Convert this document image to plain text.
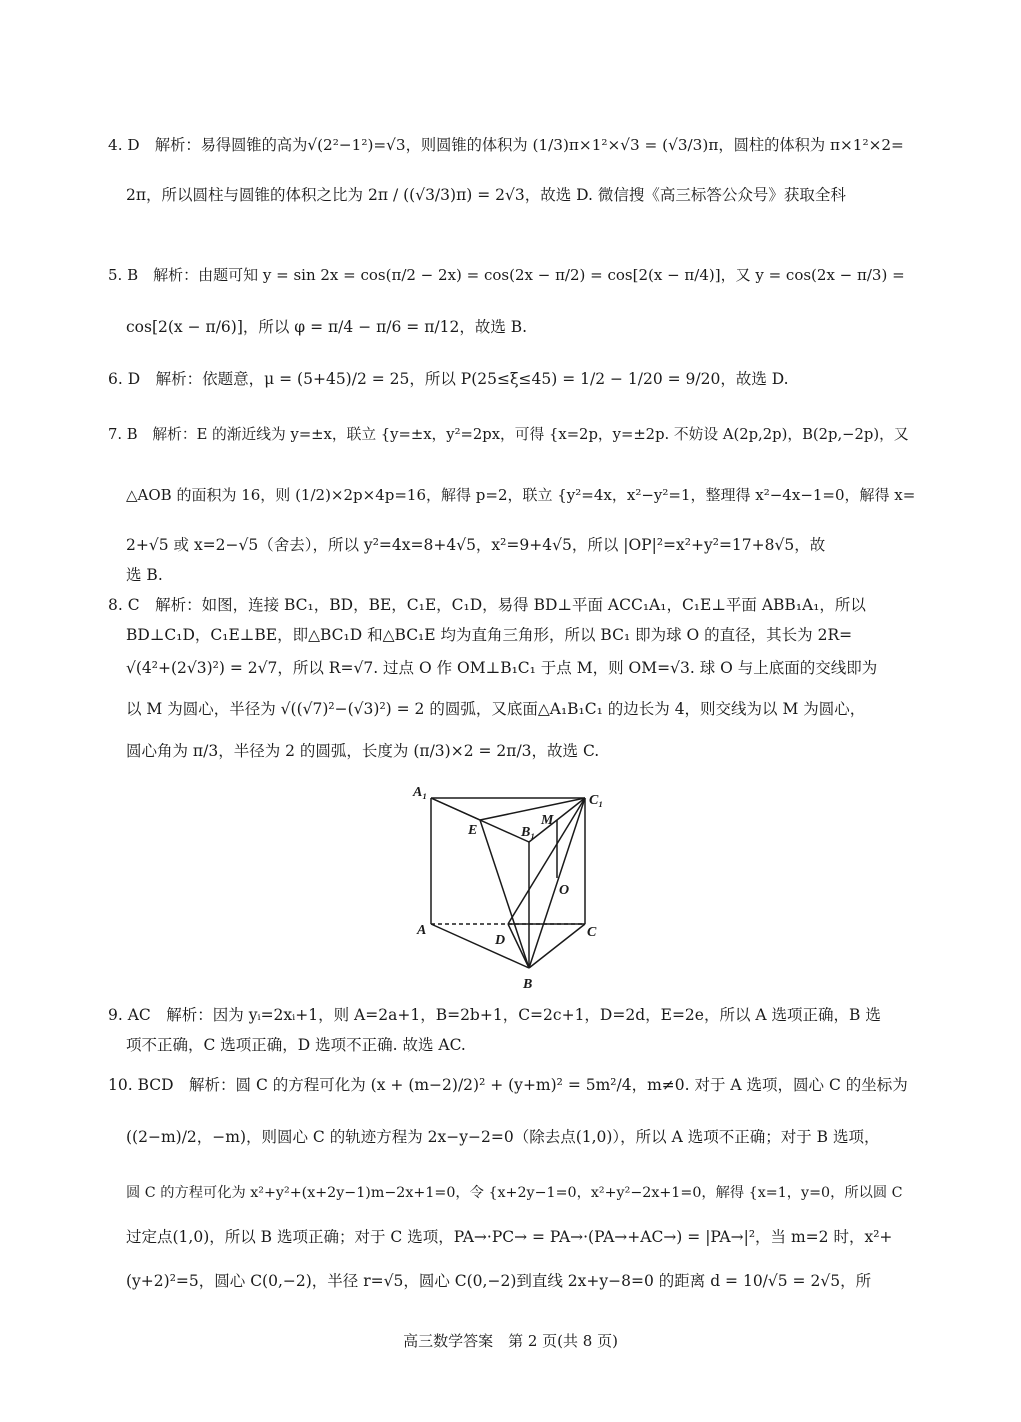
4. D　解析：易得圆锥的高为√(2²−1²)=√3，则圆锥的体积为 (1/3)π×1²×√3 = (√3/3)π，圆柱的体积为 π×1²×2=
2π，所以圆柱与圆锥的体积之比为 2π / ((√3/3)π) = 2√3，故选 D. 微信搜《高三标答公众号》获取全科
5. B　解析：由题可知 y = sin 2x = cos(π/2 − 2x) = cos(2x − π/2) = cos[2(x − π/4)]，又 y = cos(2x − π/3) =
cos[2(x − π/6)]，所以 φ = π/4 − π/6 = π/12，故选 B.
6. D　解析：依题意，μ = (5+45)/2 = 25，所以 P(25≤ξ≤45) = 1/2 − 1/20 = 9/20，故选 D.
7. B　解析：E 的渐近线为 y=±x，联立 {y=±x，y²=2px，可得 {x=2p，y=±2p. 不妨设 A(2p,2p)，B(2p,−2p)，又
△AOB 的面积为 16，则 (1/2)×2p×4p=16，解得 p=2，联立 {y²=4x，x²−y²=1，整理得 x²−4x−1=0，解得 x=
2+√5 或 x=2−√5（舍去），所以 y²=4x=8+4√5，x²=9+4√5，所以 |OP|²=x²+y²=17+8√5，故
选 B.
8. C　解析：如图，连接 BC₁，BD，BE，C₁E，C₁D，易得 BD⊥平面 ACC₁A₁，C₁E⊥平面 ABB₁A₁，所以
BD⊥C₁D，C₁E⊥BE，即△BC₁D 和△BC₁E 均为直角三角形，所以 BC₁ 即为球 O 的直径，其长为 2R=
√(4²+(2√3)²) = 2√7，所以 R=√7. 过点 O 作 OM⊥B₁C₁ 于点 M，则 OM=√3. 球 O 与上底面的交线即为
以 M 为圆心，半径为 √((√7)²−(√3)²) = 2 的圆弧，又底面△A₁B₁C₁ 的边长为 4，则交线为以 M 为圆心，
圆心角为 π/3，半径为 2 的圆弧，长度为 (π/3)×2 = 2π/3，故选 C.
A₁
C₁
E	B₁
M
O
A
D
C
B
9. AC　解析：因为 yᵢ=2xᵢ+1，则 A=2a+1，B=2b+1，C=2c+1，D=2d，E=2e，所以 A 选项正确，B 选
项不正确，C 选项正确，D 选项不正确. 故选 AC.
10. BCD　解析：圆 C 的方程可化为 (x + (m−2)/2)² + (y+m)² = 5m²/4，m≠0. 对于 A 选项，圆心 C 的坐标为
((2−m)/2，−m)，则圆心 C 的轨迹方程为 2x−y−2=0（除去点(1,0)），所以 A 选项不正确；对于 B 选项，
圆 C 的方程可化为 x²+y²+(x+2y−1)m−2x+1=0，令 {x+2y−1=0，x²+y²−2x+1=0，解得 {x=1，y=0，所以圆 C
过定点(1,0)，所以 B 选项正确；对于 C 选项，PA→·PC→ = PA→·(PA→+AC→) = |PA→|²，当 m=2 时，x²+
(y+2)²=5，圆心 C(0,−2)，半径 r=√5，圆心 C(0,−2)到直线 2x+y−8=0 的距离 d = 10/√5 = 2√5，所
高三数学答案　第 2 页(共 8 页)
